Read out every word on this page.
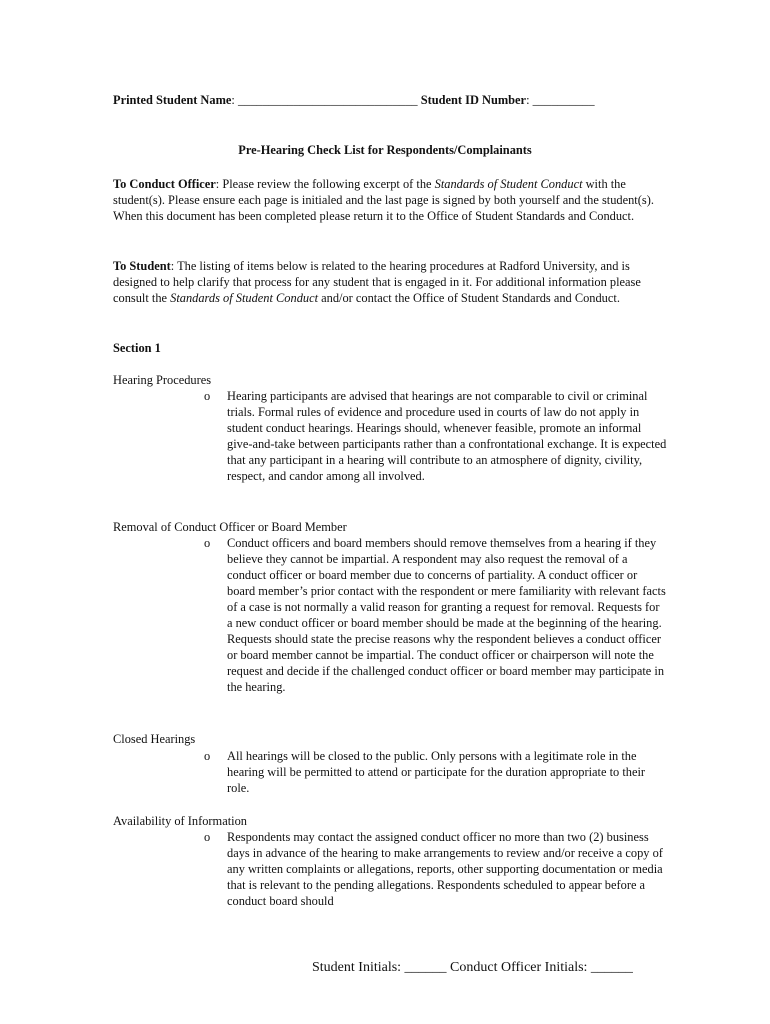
Printed Student Name: _____________________________ Student ID Number: __________
Pre-Hearing Check List for Respondents/Complainants

To Conduct Officer: Please review the following excerpt of the Standards of Student Conduct with the student(s). Please ensure each page is initialed and the last page is signed by both yourself and the student(s). When this document has been completed please return it to the Office of Student Standards and Conduct.

To Student: The listing of items below is related to the hearing procedures at Radford University, and is designed to help clarify that process for any student that is engaged in it. For additional information please consult the Standards of Student Conduct and/or contact the Office of Student Standards and Conduct.

Section 1
Hearing Procedures
o Hearing participants are advised that hearings are not comparable to civil or criminal trials. Formal rules of evidence and procedure used in courts of law do not apply in student conduct hearings. Hearings should, whenever feasible, promote an informal give-and-take between participants rather than a confrontational exchange. It is expected that any participant in a hearing will contribute to an atmosphere of dignity, civility, respect, and candor among all involved.
Removal of Conduct Officer or Board Member
o Conduct officers and board members should remove themselves from a hearing if they believe they cannot be impartial. A respondent may also request the removal of a conduct officer or board member due to concerns of partiality. A conduct officer or board member’s prior contact with the respondent or mere familiarity with relevant facts of a case is not normally a valid reason for granting a request for removal. Requests for a new conduct officer or board member should be made at the beginning of the hearing. Requests should state the precise reasons why the respondent believes a conduct officer or board member cannot be impartial. The conduct officer or chairperson will note the request and decide if the challenged conduct officer or board member may participate in the hearing.
Closed Hearings
o All hearings will be closed to the public. Only persons with a legitimate role in the hearing will be permitted to attend or participate for the duration appropriate to their role.
Availability of Information
o Respondents may contact the assigned conduct officer no more than two (2) business days in advance of the hearing to make arrangements to review and/or receive a copy of any written complaints or allegations, reports, other supporting documentation or media that is relevant to the pending allegations. Respondents scheduled to appear before a conduct board should
Student Initials: ______ Conduct Officer Initials: ______
